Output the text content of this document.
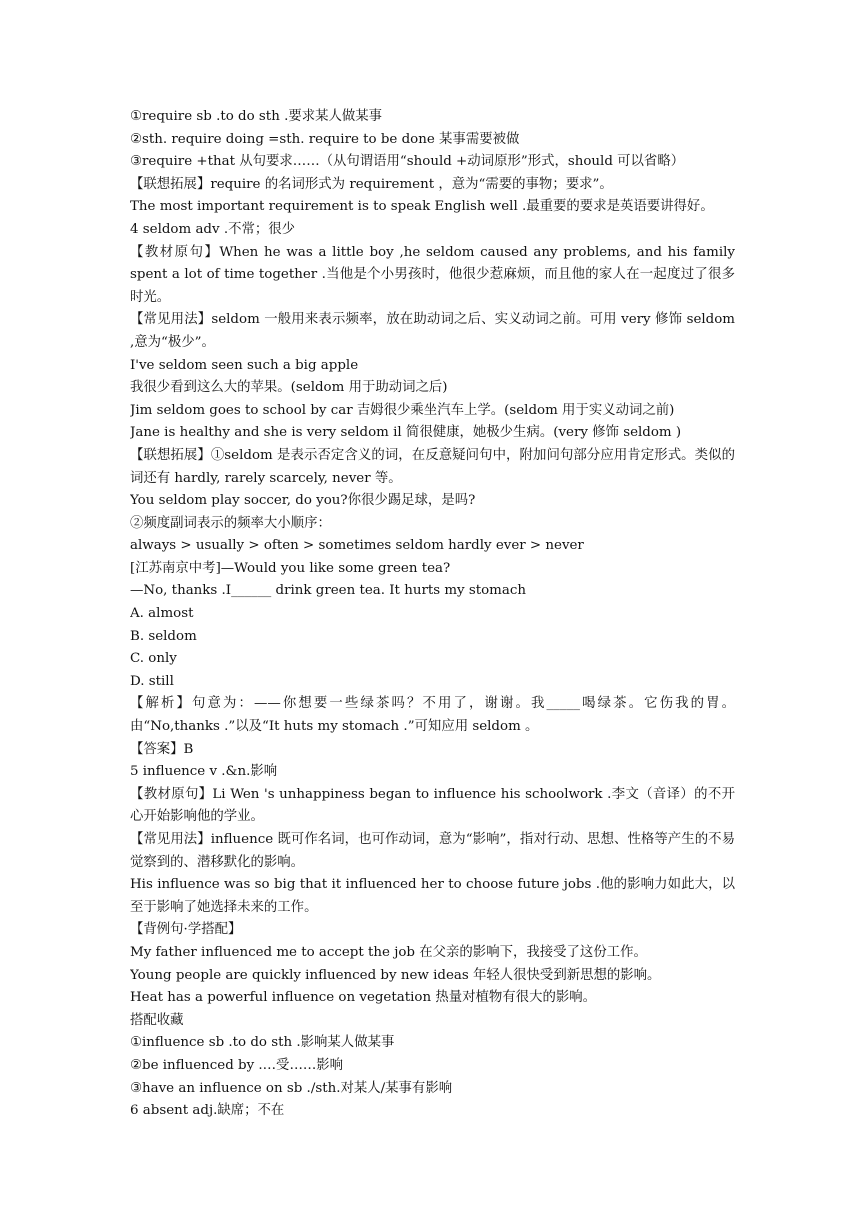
①require sb .to do sth .要求某人做某事
②sth. require doing =sth. require to be done 某事需要被做
③require +that 从句要求……（从句谓语用“should +动词原形”形式，should 可以省略）
【联想拓展】require 的名词形式为 requirement ，意为“需要的事物；要求”。
The most important requirement is to speak English well .最重要的要求是英语要讲得好。
4 seldom adv .不常；很少
【教材原句】When he was a little boy ,he seldom caused any problems, and his family spent a lot of time together .当他是个小男孩时，他很少惹麻烦，而且他的家人在一起度过了很多时光。
【常见用法】seldom 一般用来表示频率，放在助动词之后、实义动词之前。可用 very 修饰 seldom ,意为“极少”。
I've seldom seen such a big apple
我很少看到这么大的苹果。(seldom 用于助动词之后)
Jim seldom goes to school by car 吉姆很少乘坐汽车上学。(seldom 用于实义动词之前)
Jane is healthy and she is very seldom il 简很健康，她极少生病。(very 修饰 seldom )
【联想拓展】①seldom 是表示否定含义的词，在反意疑问句中，附加问句部分应用肯定形式。类似的词还有 hardly, rarely scarcely, never 等。
You seldom play soccer, do you?你很少踢足球，是吗?
②频度副词表示的频率大小顺序：
always > usually > often > sometimes seldom hardly ever > never
[江苏南京中考]—Would you like some green tea?
—No, thanks .I______ drink green tea. It hurts my stomach
A. almost
B. seldom
C. only
D. still
【解析】句意为：——你想要一些绿茶吗？不用了，谢谢。我_____喝绿茶。它伤我的胃。由“No,thanks .”以及“It huts my stomach .”可知应用 seldom 。
【答案】B
5 influence v .&n.影响
【教材原句】Li Wen 's unhappiness began to influence his schoolwork .李文（音译）的不开心开始影响他的学业。
【常见用法】influence 既可作名词，也可作动词，意为“影响”，指对行动、思想、性格等产生的不易觉察到的、潜移默化的影响。
His influence was so big that it influenced her to choose future jobs .他的影响力如此大，以至于影响了她选择未来的工作。
【背例句·学搭配】
My father influenced me to accept the job 在父亲的影响下，我接受了这份工作。
Young people are quickly influenced by new ideas 年轻人很快受到新思想的影响。
Heat has a powerful influence on vegetation 热量对植物有很大的影响。
搭配收藏
①influence sb .to do sth .影响某人做某事
②be influenced by .…受……影响
③have an influence on sb ./sth.对某人/某事有影响
6 absent adj.缺席；不在
